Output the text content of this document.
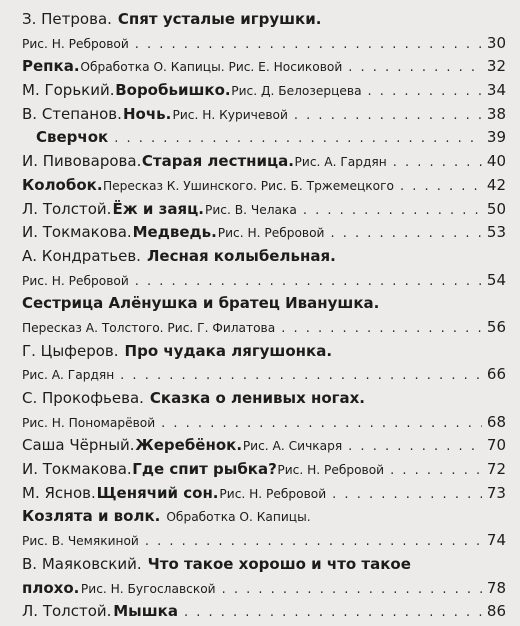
З. Петрова. Спят усталые игрушки.
Рис. Н. Ребровой . . .	30
Репка. Обработка О. Капицы. Рис. Е. Носиковой . . .	32
М. Горький. Воробьишко. Рис. Д. Белозерцева . . .	34
В. Степанов. Ночь. Рис. Н. Куричевой . . .	38
Сверчок . . .	39
И. Пивоварова. Старая лестница. Рис. А. Гардян . . .	40
Колобок. Пересказ К. Ушинского. Рис. Б. Тржемецкого . . .	42
Л. Толстой. Ёж и заяц. Рис. В. Челака . . .	50
И. Токмакова. Медведь. Рис. Н. Ребровой . . .	53
А. Кондратьев. Лесная колыбельная.
Рис. Н. Ребровой . . .	54
Сестрица Алёнушка и братец Иванушка.
Пересказ А. Толстого. Рис. Г. Филатова . . .	56
Г. Цыферов. Про чудака лягушонка.
Рис. А. Гардян . . .	66
С. Прокофьева. Сказка о ленивых ногах.
Рис. Н. Пономарёвой . . .	68
Саша Чёрный. Жеребёнок. Рис. А. Сичкаря . . .	70
И. Токмакова. Где спит рыбка? Рис. Н. Ребровой . . .	72
М. Яснов. Щенячий сон. Рис. Н. Ребровой . . .	73
Козлята и волк. Обработка О. Капицы.
Рис. В. Чемякиной . . .	74
В. Маяковский. Что такое хорошо и что такое
плохо. Рис. Н. Бугославской . . .	78
Л. Толстой. Мышка . . .	86
